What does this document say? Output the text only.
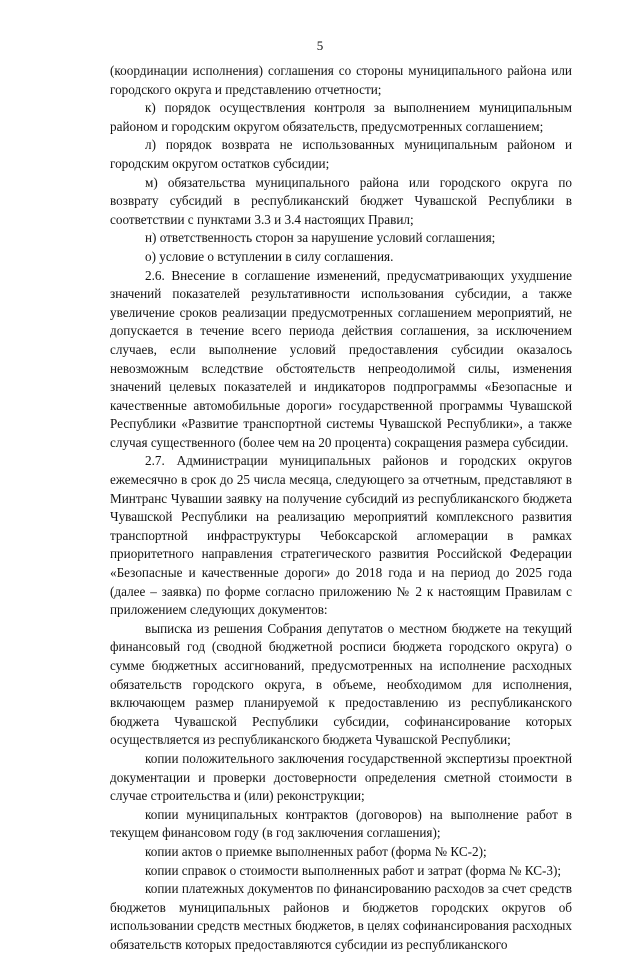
5

(координации исполнения) соглашения со стороны муниципального района или городского округа и представлению отчетности;

к) порядок осуществления контроля за выполнением муниципальным районом и городским округом обязательств, предусмотренных соглашением;

л) порядок возврата не использованных муниципальным районом и городским округом остатков субсидии;

м) обязательства муниципального района или городского округа по возврату субсидий в республиканский бюджет Чувашской Республики в соответствии с пунктами 3.3 и 3.4 настоящих Правил;

н) ответственность сторон за нарушение условий соглашения;

о) условие о вступлении в силу соглашения.

2.6. Внесение в соглашение изменений, предусматривающих ухудшение значений показателей результативности использования субсидии, а также увеличение сроков реализации предусмотренных соглашением мероприятий, не допускается в течение всего периода действия соглашения, за исключением случаев, если выполнение условий предоставления субсидии оказалось невозможным вследствие обстоятельств непреодолимой силы, изменения значений целевых показателей и индикаторов подпрограммы «Безопасные и качественные автомобильные дороги» государственной программы Чувашской Республики «Развитие транспортной системы Чувашской Республики», а также случая существенного (более чем на 20 процента) сокращения размера субсидии.

2.7. Администрации муниципальных районов и городских округов ежемесячно в срок до 25 числа месяца, следующего за отчетным, представляют в Минтранс Чувашии заявку на получение субсидий из республиканского бюджета Чувашской Республики на реализацию мероприятий комплексного развития транспортной инфраструктуры Чебоксарской агломерации в рамках приоритетного направления стратегического развития Российской Федерации «Безопасные и качественные дороги» до 2018 года и на период до 2025 года (далее – заявка) по форме согласно приложению № 2 к настоящим Правилам с приложением следующих документов:

выписка из решения Собрания депутатов о местном бюджете на текущий финансовый год (сводной бюджетной росписи бюджета городского округа) о сумме бюджетных ассигнований, предусмотренных на исполнение расходных обязательств городского округа, в объеме, необходимом для исполнения, включающем размер планируемой к предоставлению из республиканского бюджета Чувашской Республики субсидии, софинансирование которых осуществляется из республиканского бюджета Чувашской Республики;

копии положительного заключения государственной экспертизы проектной документации и проверки достоверности определения сметной стоимости в случае строительства и (или) реконструкции;

копии муниципальных контрактов (договоров) на выполнение работ в текущем финансовом году (в год заключения соглашения);

копии актов о приемке выполненных работ (форма № КС-2);

копии справок о стоимости выполненных работ и затрат (форма № КС-3);

копии платежных документов по финансированию расходов за счет средств бюджетов муниципальных районов и бюджетов городских округов об использовании средств местных бюджетов, в целях софинансирования расходных обязательств которых предоставляются субсидии из республиканского
